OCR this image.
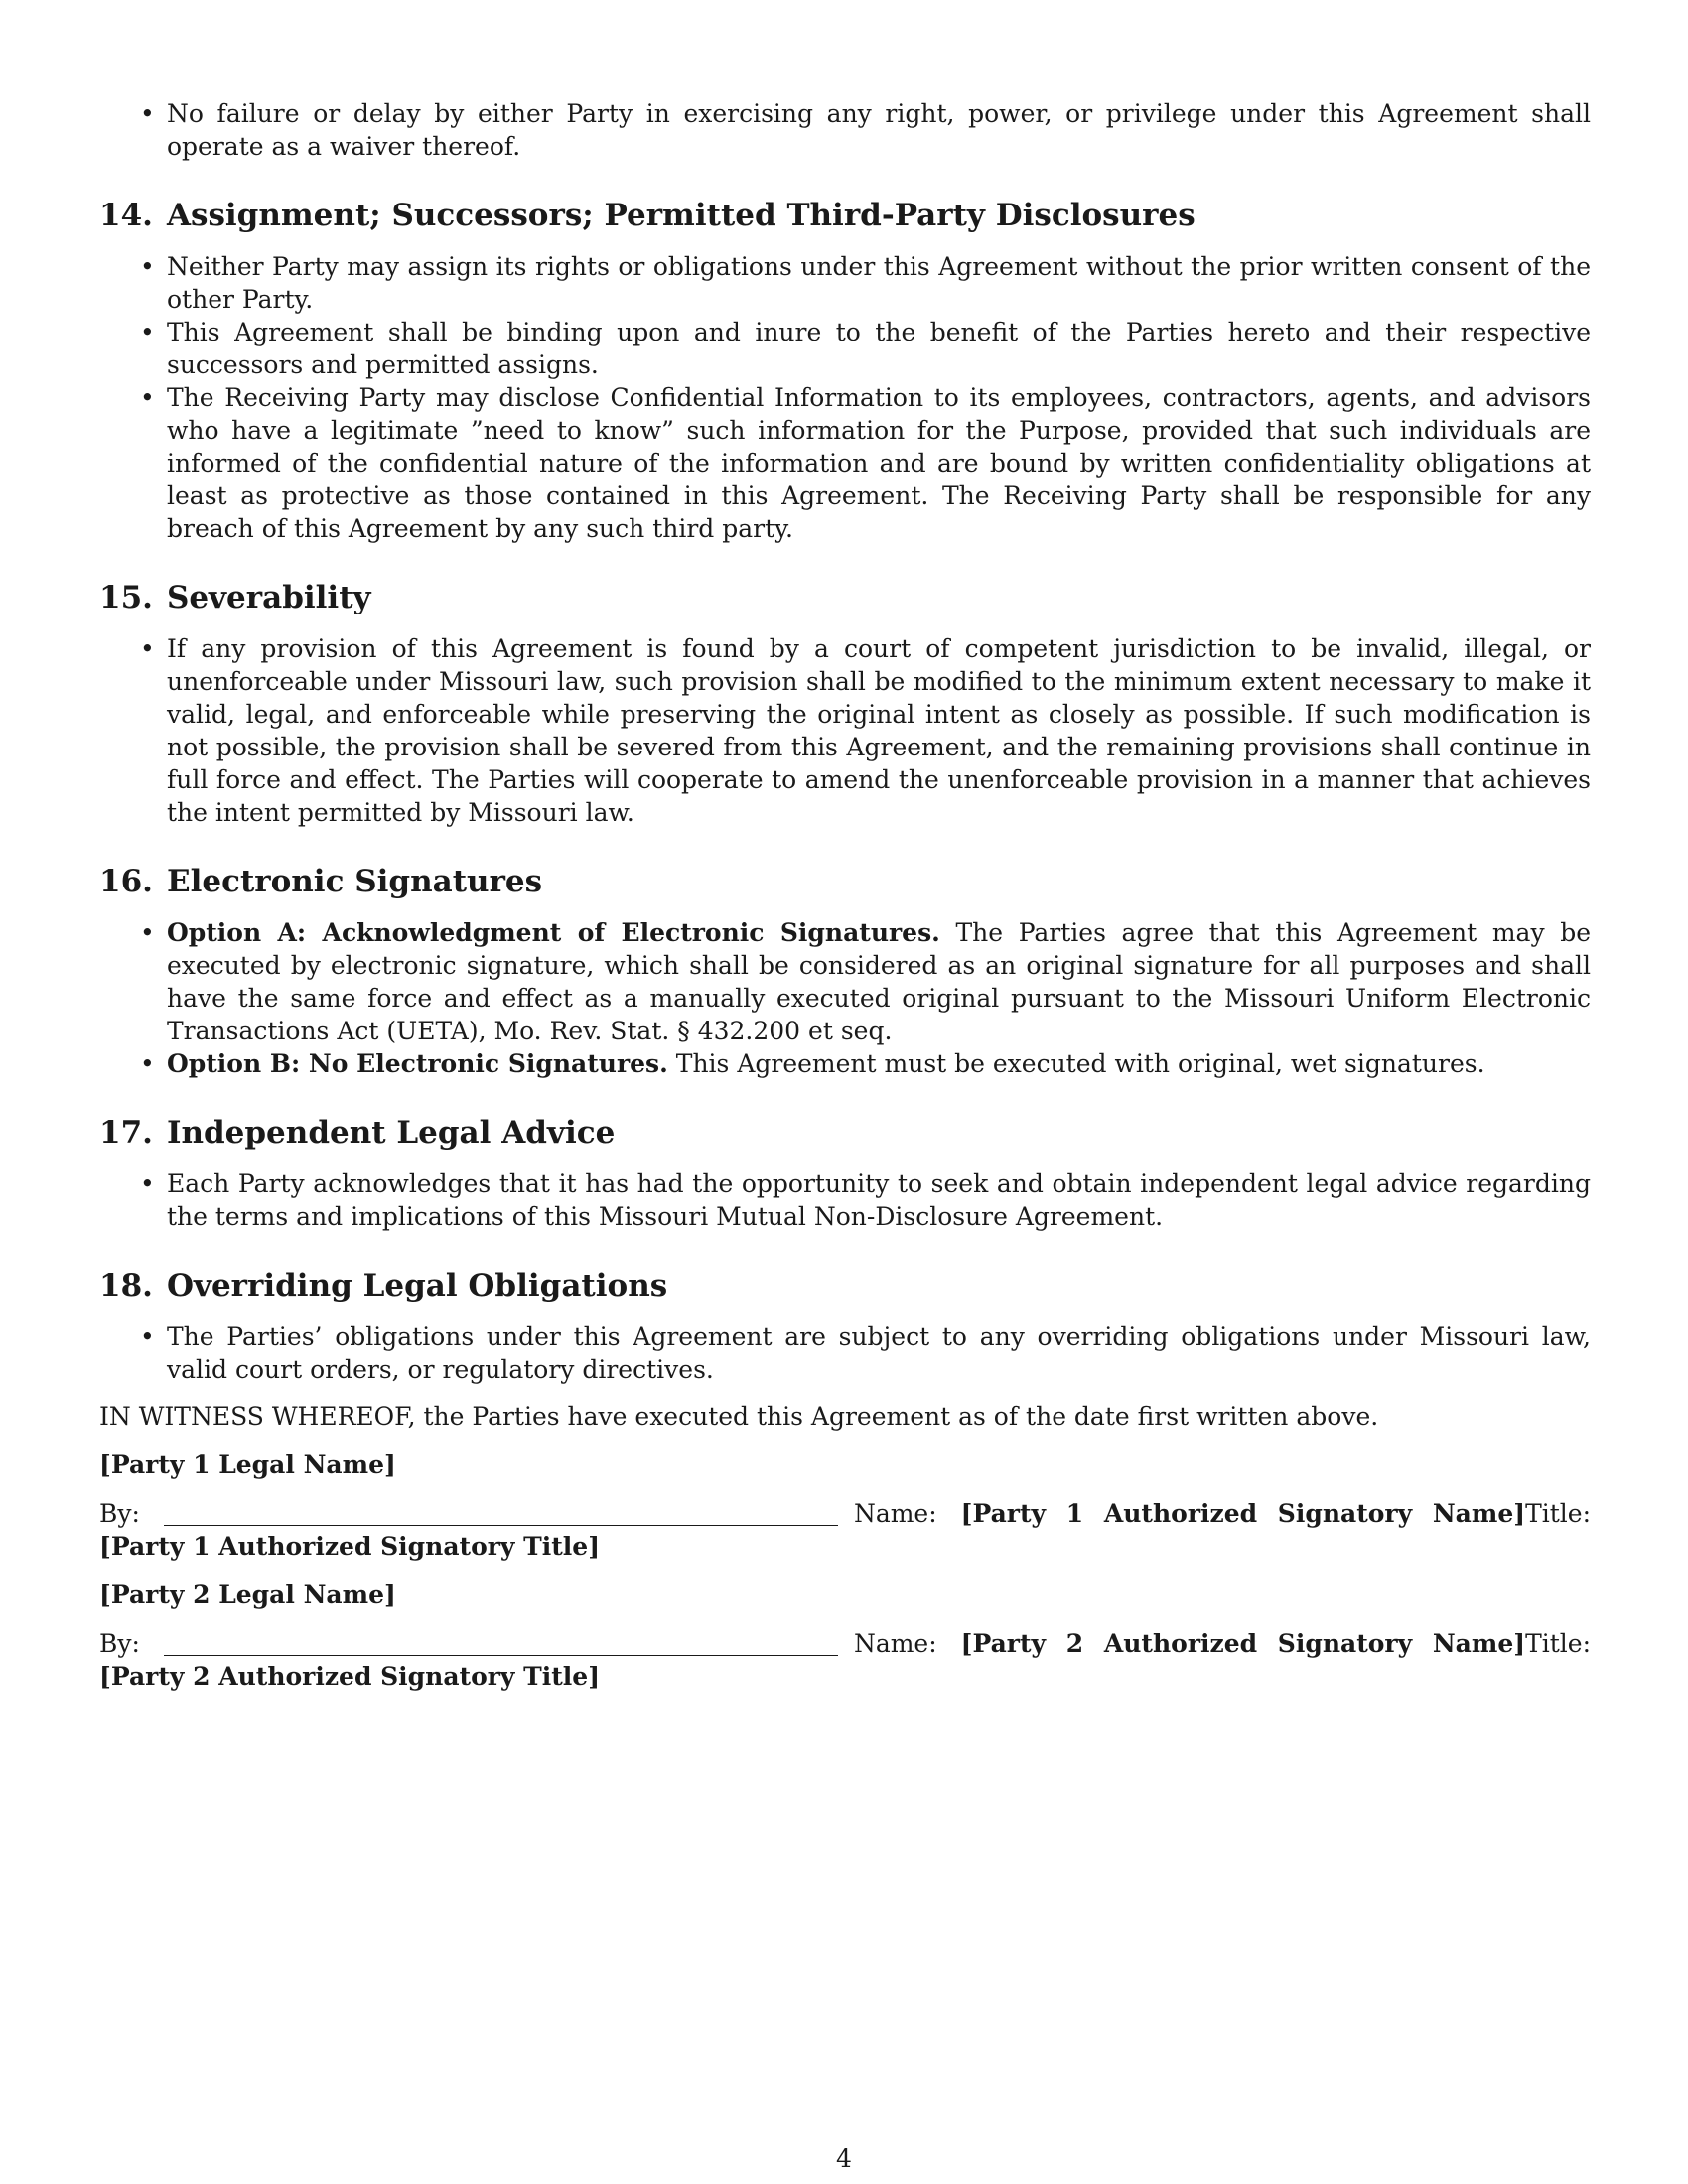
• No failure or delay by either Party in exercising any right, power, or privilege under this Agreement shall operate as a waiver thereof.
14. Assignment; Successors; Permitted Third-Party Disclosures
• Neither Party may assign its rights or obligations under this Agreement without the prior written consent of the other Party.
• This Agreement shall be binding upon and inure to the benefit of the Parties hereto and their respective successors and permitted assigns.
• The Receiving Party may disclose Confidential Information to its employees, contractors, agents, and advisors who have a legitimate ”need to know” such information for the Purpose, provided that such individuals are informed of the confidential nature of the information and are bound by written confidentiality obligations at least as protective as those contained in this Agreement. The Receiving Party shall be responsible for any breach of this Agreement by any such third party.
15. Severability
• If any provision of this Agreement is found by a court of competent jurisdiction to be invalid, illegal, or unenforceable under Missouri law, such provision shall be modified to the minimum extent necessary to make it valid, legal, and enforceable while preserving the original intent as closely as possible. If such modification is not possible, the provision shall be severed from this Agreement, and the remaining provisions shall continue in full force and effect. The Parties will cooperate to amend the unenforceable provision in a manner that achieves the intent permitted by Missouri law.
16. Electronic Signatures
• Option A: Acknowledgment of Electronic Signatures. The Parties agree that this Agreement may be executed by electronic signature, which shall be considered as an original signature for all purposes and shall have the same force and effect as a manually executed original pursuant to the Missouri Uniform Electronic Transactions Act (UETA), Mo. Rev. Stat. § 432.200 et seq.
• Option B: No Electronic Signatures. This Agreement must be executed with original, wet signatures.
17. Independent Legal Advice
• Each Party acknowledges that it has had the opportunity to seek and obtain independent legal advice regarding the terms and implications of this Missouri Mutual Non-Disclosure Agreement.
18. Overriding Legal Obligations
• The Parties’ obligations under this Agreement are subject to any overriding obligations under Missouri law, valid court orders, or regulatory directives.
IN WITNESS WHEREOF, the Parties have executed this Agreement as of the date first written above.
[Party 1 Legal Name]
By:	Name: [Party 1 Authorized Signatory Name] Title:
[Party 1 Authorized Signatory Title]
[Party 2 Legal Name]
By:	Name: [Party 2 Authorized Signatory Name] Title:
[Party 2 Authorized Signatory Title]
4
